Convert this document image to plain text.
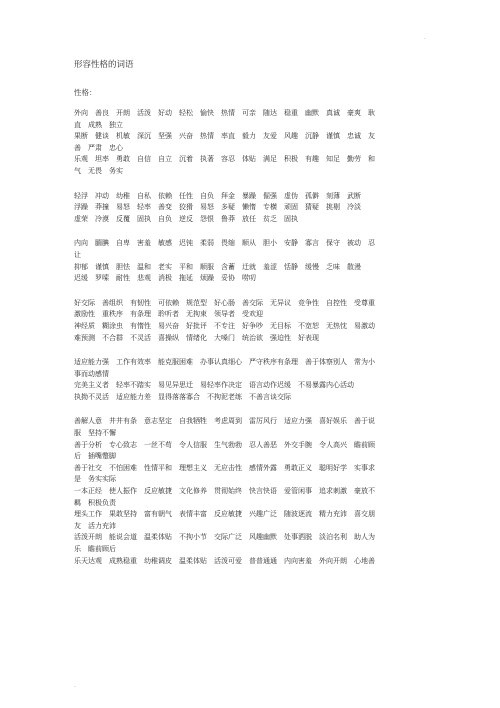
.
形容性格的词语
性格：
外向　善良　开朗　活泼　好动　轻松　愉快　热情　可亲　随达　稳重　幽默　真诚　豪爽　耿
直　成熟　独立
果断　健谈　机敏　深沉　坚强　兴奋　热情　率直　毅力　友爱　风趣　沉静　谨慎　忠诚　友
善　严肃　忠心
乐观　坦率　勇敢　自信　自立　沉着　执著　容忍　体贴　满足　积极　有趣　知足　勤劳　和
气　无畏　务实
轻浮　冲动　幼稚　自私　依赖　任性　自负　拜金　暴躁　倔强　虚伪　孤僻　刻薄　武断
浮躁　莽撞　易怒　轻率　善变　狡猾　易怒　多疑　懒惰　专横　顽固　猜疑　挑剔　冷淡
虚荣　冷漠　反覆　固执　自负　逆反　怨恨　鲁莽　放任　贫乏　固执
内向　腼腆　自卑　害羞　敏感　迟钝　柔弱　畏缩　顺从　胆小　安静　寡言　保守　被动　忍
让
抑郁　谨慎　胆怯　温和　老实　平和　顺服　含蓄　迁就　羞涩　恬静　缓慢　乏味　散漫
迟缓　罗嗦　耐性　悲观　消极　拖延　烦躁　妥协　唠叨
好交际　善组织　有韧性　可依赖　规范型　好心肠　善交际　无异议　竞争性　自控性　受尊重
激励性　重秩序　有条理　聆听者　无拘束　领导者　受欢迎
神经质　糊涂虫　有惰性　易兴奋　好批评　不专注　好争吵　无目标　不宽恕　无热忱　易激动
难预测　不合群　不灵活　喜操纵　情绪化　大嗓门　统治欲　强迫性　好表现
适应能力强　工作有效率　能克服困难　办事认真细心　严守秩序有条理　善于体察别人　常为小
事而动感情
完美主义者　轻率不踏实　易见异思迁　易轻率作决定　语言动作迟缓　不易暴露内心活动
执拗不灵活　适应能力差　显得落落寡合　不拘泥老练　不善言谈交际
善解人意　井井有条　意志坚定　自我牺牲　考虑周到　雷厉风行　适应力强　喜好娱乐　善于说
服　坚持不懈
善于分析　专心致志　一丝不苟　令人信服　生气勃勃　忍人善恶　外交手腕　令人高兴　瞻前顾
后　插嘴蹩脚
善于社交　不怕困难　性情平和　理想主义　无应击性　感情外露　勇敢正义　聪明好学　实事求
是　务实实际
一本正经　使人振作　反应敏捷　文化修养　贯彻始终　快言快语　爱管闲事　追求刺激　豪放不
羁　积极负责
埋头工作　果敢坚持　富有朝气　表情丰富　反应敏捷　兴趣广泛　随波逐流　精力充沛　喜交朋
友　活力充沛
活泼开朗　能说会道　温柔体贴　不拘小节　交际广泛　风趣幽默　处事洒脱　淡泊名利　助人为
乐　瞻前顾后
乐天达观　成熟稳重　幼稚调皮　温柔体贴　活泼可爱　普普通通　内向害羞　外向开朗　心地善
.
